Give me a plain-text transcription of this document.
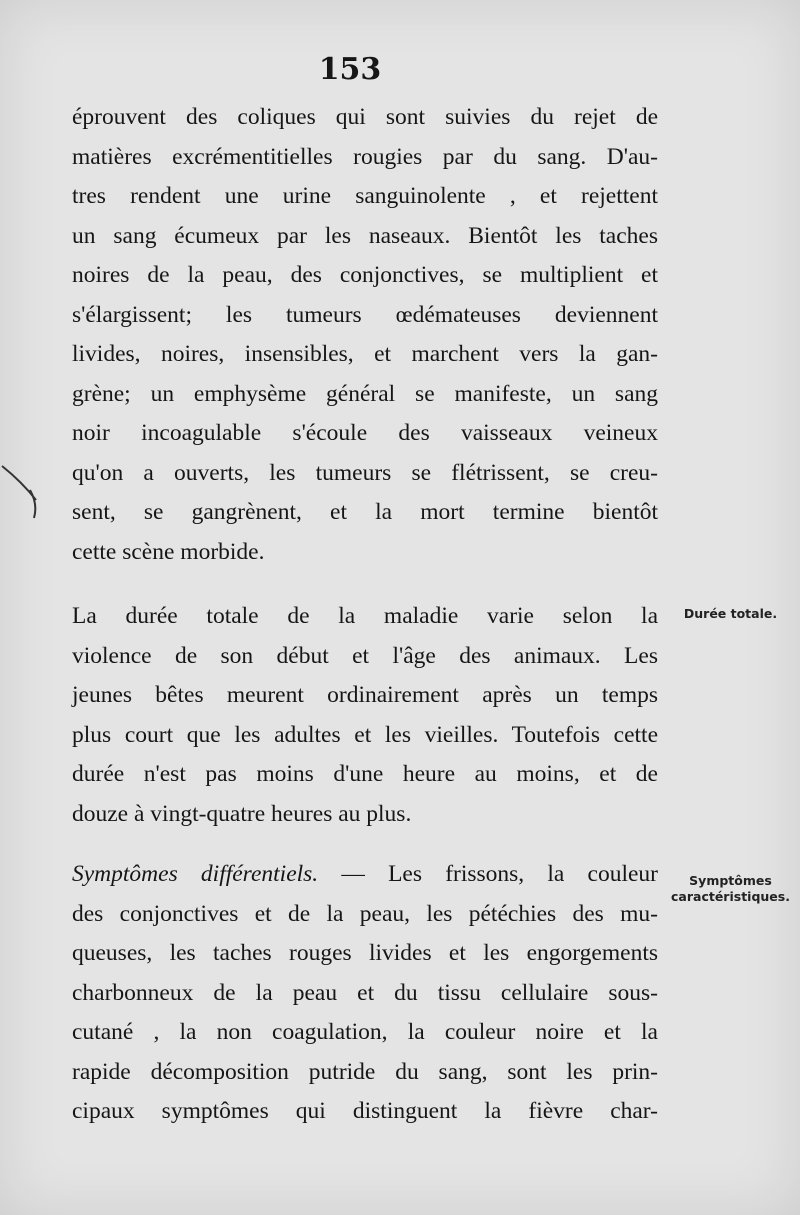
153
éprouvent des coliques qui sont suivies du rejet de
matières excrémentitielles rougies par du sang. D'au-
tres rendent une urine sanguinolente , et rejettent
un sang écumeux par les naseaux. Bientôt les taches
noires de la peau, des conjonctives, se multiplient et
s'élargissent; les tumeurs œdémateuses deviennent
livides, noires, insensibles, et marchent vers la gan-
grène; un emphysème général se manifeste, un sang
noir incoagulable s'écoule des vaisseaux veineux
qu'on a ouverts, les tumeurs se flétrissent, se creu-
sent, se gangrènent, et la mort termine bientôt
cette scène morbide.
La durée totale de la maladie varie selon la
violence de son début et l'âge des animaux. Les
jeunes bêtes meurent ordinairement après un temps
plus court que les adultes et les vieilles. Toutefois cette
durée n'est pas moins d'une heure au moins, et de
douze à vingt-quatre heures au plus.
Symptômes différentiels. — Les frissons, la couleur
des conjonctives et de la peau, les pétéchies des mu-
queuses, les taches rouges livides et les engorgements
charbonneux de la peau et du tissu cellulaire sous-
cutané , la non coagulation, la couleur noire et la
rapide décomposition putride du sang, sont les prin-
cipaux symptômes qui distinguent la fièvre char-
Durée totale.
Symptômes
caractéristiques.
